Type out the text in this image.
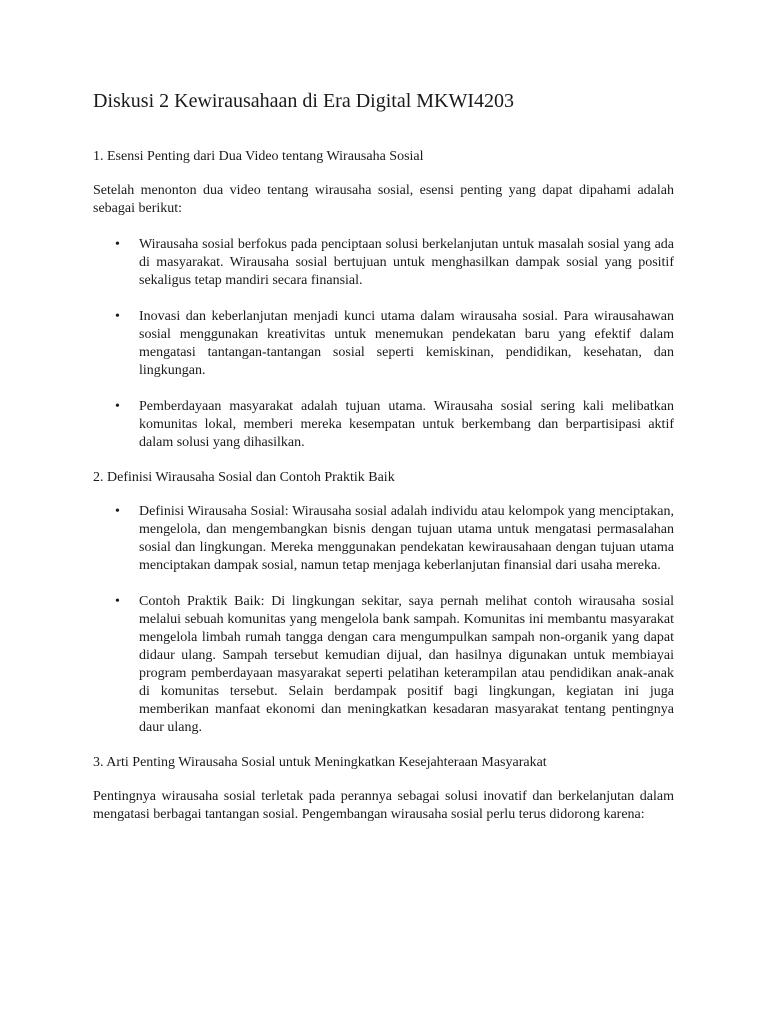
Diskusi 2 Kewirausahaan di Era Digital MKWI4203

1. Esensi Penting dari Dua Video tentang Wirausaha Sosial

Setelah menonton dua video tentang wirausaha sosial, esensi penting yang dapat dipahami adalah sebagai berikut:

• Wirausaha sosial berfokus pada penciptaan solusi berkelanjutan untuk masalah sosial yang ada di masyarakat. Wirausaha sosial bertujuan untuk menghasilkan dampak sosial yang positif sekaligus tetap mandiri secara finansial.
• Inovasi dan keberlanjutan menjadi kunci utama dalam wirausaha sosial. Para wirausahawan sosial menggunakan kreativitas untuk menemukan pendekatan baru yang efektif dalam mengatasi tantangan-tantangan sosial seperti kemiskinan, pendidikan, kesehatan, dan lingkungan.
• Pemberdayaan masyarakat adalah tujuan utama. Wirausaha sosial sering kali melibatkan komunitas lokal, memberi mereka kesempatan untuk berkembang dan berpartisipasi aktif dalam solusi yang dihasilkan.

2. Definisi Wirausaha Sosial dan Contoh Praktik Baik

• Definisi Wirausaha Sosial: Wirausaha sosial adalah individu atau kelompok yang menciptakan, mengelola, dan mengembangkan bisnis dengan tujuan utama untuk mengatasi permasalahan sosial dan lingkungan. Mereka menggunakan pendekatan kewirausahaan dengan tujuan utama menciptakan dampak sosial, namun tetap menjaga keberlanjutan finansial dari usaha mereka.
• Contoh Praktik Baik: Di lingkungan sekitar, saya pernah melihat contoh wirausaha sosial melalui sebuah komunitas yang mengelola bank sampah. Komunitas ini membantu masyarakat mengelola limbah rumah tangga dengan cara mengumpulkan sampah non-organik yang dapat didaur ulang. Sampah tersebut kemudian dijual, dan hasilnya digunakan untuk membiayai program pemberdayaan masyarakat seperti pelatihan keterampilan atau pendidikan anak-anak di komunitas tersebut. Selain berdampak positif bagi lingkungan, kegiatan ini juga memberikan manfaat ekonomi dan meningkatkan kesadaran masyarakat tentang pentingnya daur ulang.

3. Arti Penting Wirausaha Sosial untuk Meningkatkan Kesejahteraan Masyarakat

Pentingnya wirausaha sosial terletak pada perannya sebagai solusi inovatif dan berkelanjutan dalam mengatasi berbagai tantangan sosial. Pengembangan wirausaha sosial perlu terus didorong karena:
